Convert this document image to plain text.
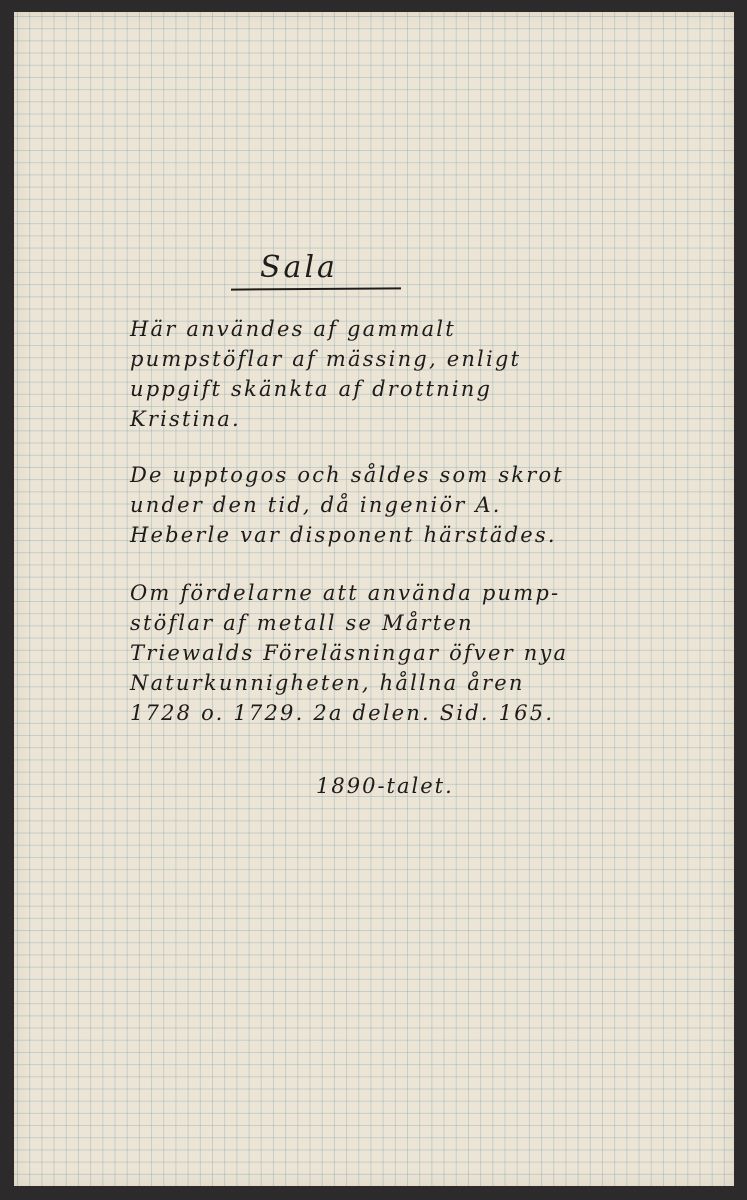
Sala
Här användes af gammalt
pumpstöflar af mässing, enligt
uppgift skänkta af drottning
Kristina.
De upptogos och såldes som skrot
under den tid, då ingeniör A.
Heberle var disponent härstädes.
Om fördelarne att använda pump-
stöflar af metall se Mårten
Triewalds Föreläsningar öfver nya
Naturkunnigheten, hållna åren
1728 o. 1729. 2a delen. Sid. 165.
1890-talet.
